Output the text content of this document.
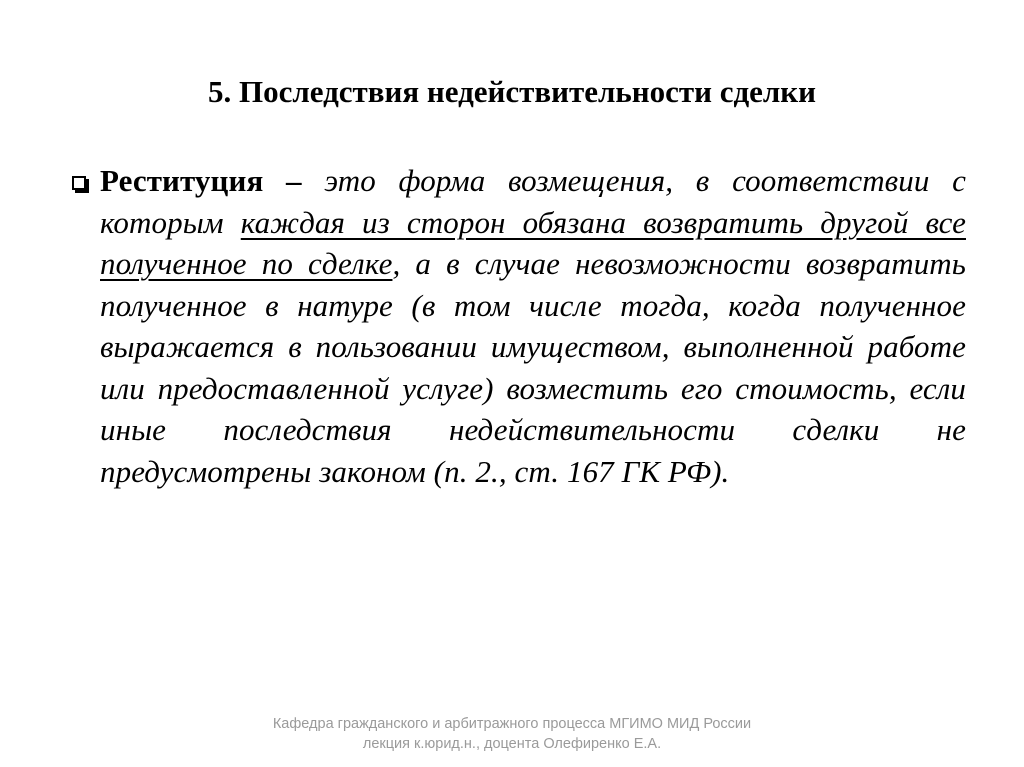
5. Последствия недействительности сделки
Реституция – это форма возмещения, в соответствии с которым каждая из сторон обязана возвратить другой все полученное по сделке, а в случае невозможности возвратить полученное в натуре (в том числе тогда, когда полученное выражается в пользовании имуществом, выполненной работе или предоставленной услуге) возместить его стоимость, если иные последствия недействительности сделки не предусмотрены законом (п. 2., ст. 167 ГК РФ).
Кафедра гражданского и арбитражного процесса МГИМО МИД России
лекция к.юрид.н., доцента Олефиренко Е.А.
